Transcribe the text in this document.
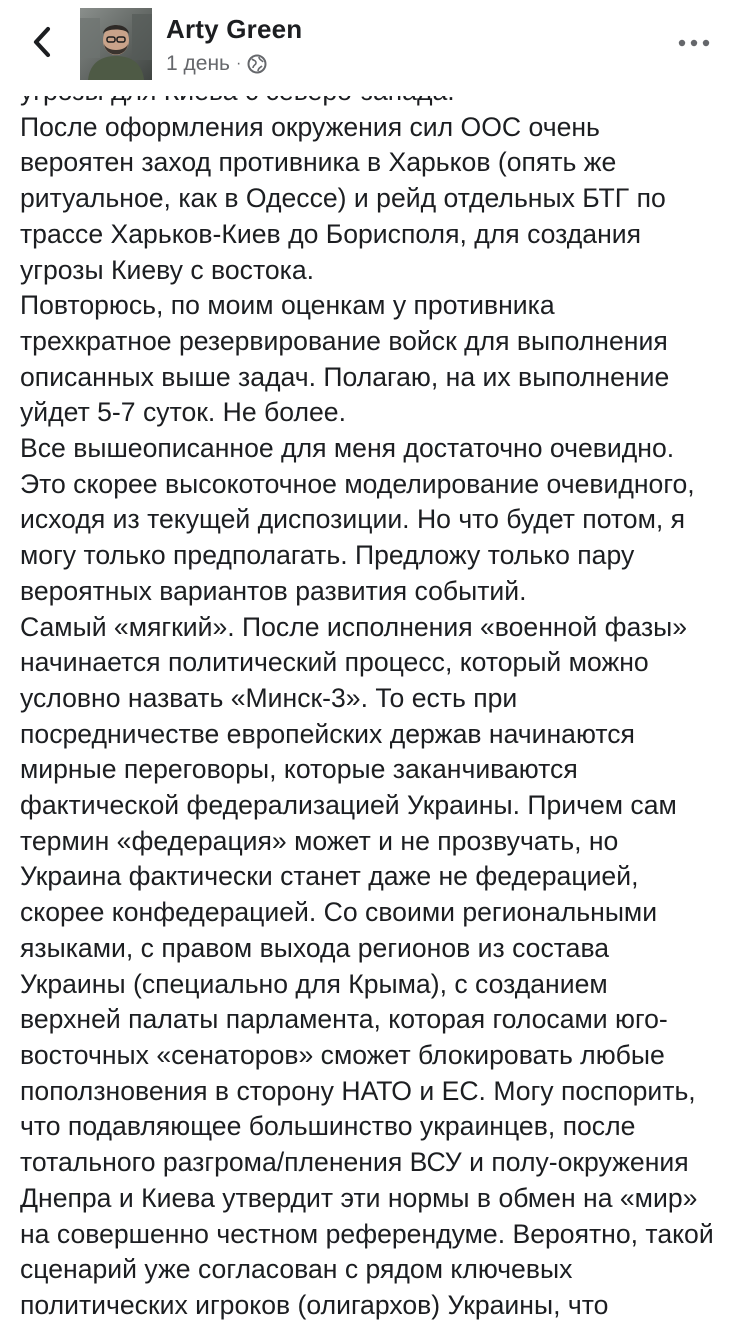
Arty Green
1 день ·

После оформления окружения сил ООС очень

вероятен заход противника в Харьков (опять же

ритуальное, как в Одессе) и рейд отдельных БТГ по

трассе Харьков-Киев до Борисполя, для создания

угрозы Киеву с востока.

Повторюсь, по моим оценкам у противника

трехкратное резервирование войск для выполнения

описанных выше задач. Полагаю, на их выполнение

уйдет 5-7 суток. Не более.

Все вышеописанное для меня достаточно очевидно.

Это скорее высокоточное моделирование очевидного,

исходя из текущей диспозиции. Но что будет потом, я

могу только предполагать. Предложу только пару

вероятных вариантов развития событий.

Самый «мягкий». После исполнения «военной фазы»

начинается политический процесс, который можно

условно назвать «Минск-3». То есть при

посредничестве европейских держав начинаются

мирные переговоры, которые заканчиваются

фактической федерализацией Украины. Причем сам

термин «федерация» может и не прозвучать, но

Украина фактически станет даже не федерацией,

скорее конфедерацией. Со своими региональными

языками, с правом выхода регионов из состава

Украины (специально для Крыма), с созданием

верхней палаты парламента, которая голосами юго-

восточных «сенаторов» сможет блокировать любые

поползновения в сторону НАТО и ЕС. Могу поспорить,

что подавляющее большинство украинцев, после

тотального разгрома/пленения ВСУ и полу-окружения

Днепра и Киева утвердит эти нормы в обмен на «мир»

на совершенно честном референдуме. Вероятно, такой

сценарий уже согласован с рядом ключевых

политических игроков (олигархов) Украины, что
